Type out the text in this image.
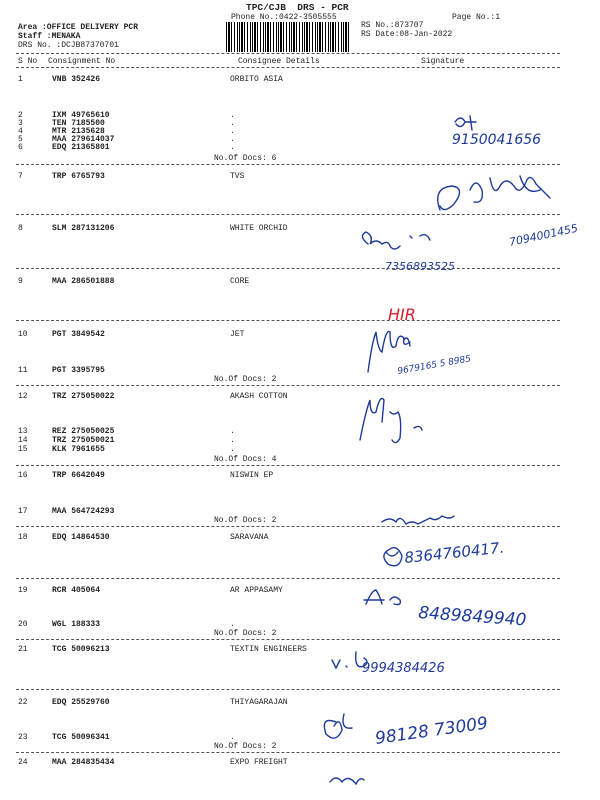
TPC/CJB  DRS - PCR
Phone No.:0422-3505555	Page No.:1
Area :OFFICE DELIVERY PCR
Staff :MENAKA
DRS No. :DCJB87370701
RS No.:873707
RS Date:08-Jan-2022
S No Consignment No	Consignee Details	Signature
1	VNB 352426	ORBITO ASIA
2	IXM 49765610	.
3	TEN 7185500	.
4	MTR 2135628	.
5	MAA 279614037	.
6	EDQ 21365801	.
No.Of Docs: 6
7	TRP 6765793	TVS
8	SLM 287131206	WHITE ORCHID
9	MAA 286501888	CORE
10	PGT 3849542	JET
11	PGT 3395795
No.Of Docs: 2
12	TRZ 275050022	AKASH COTTON
13	REZ 275050025	.
14	TRZ 275050021	.
15	KLK 7961655	.
No.Of Docs: 4
16	TRP 6642049	NISWIN EP
17	MAA 564724293
No.Of Docs: 2
18	EDQ 14864530	SARAVANA
19	RCR 405064	AR APPASAMY
20	WGL 188333	.
No.Of Docs: 2
21	TCG 50096213	TEXTIN ENGINEERS
22	EDQ 25529760	THIYAGARAJAN
23	TCG 50096341	.
No.Of Docs: 2
24	MAA 284835434	EXPO FREIGHT
9150041656
7094001455
7356893525
HIR
9679165 5 8985
8364760417.
8489849940
9994384426
98128 73009
